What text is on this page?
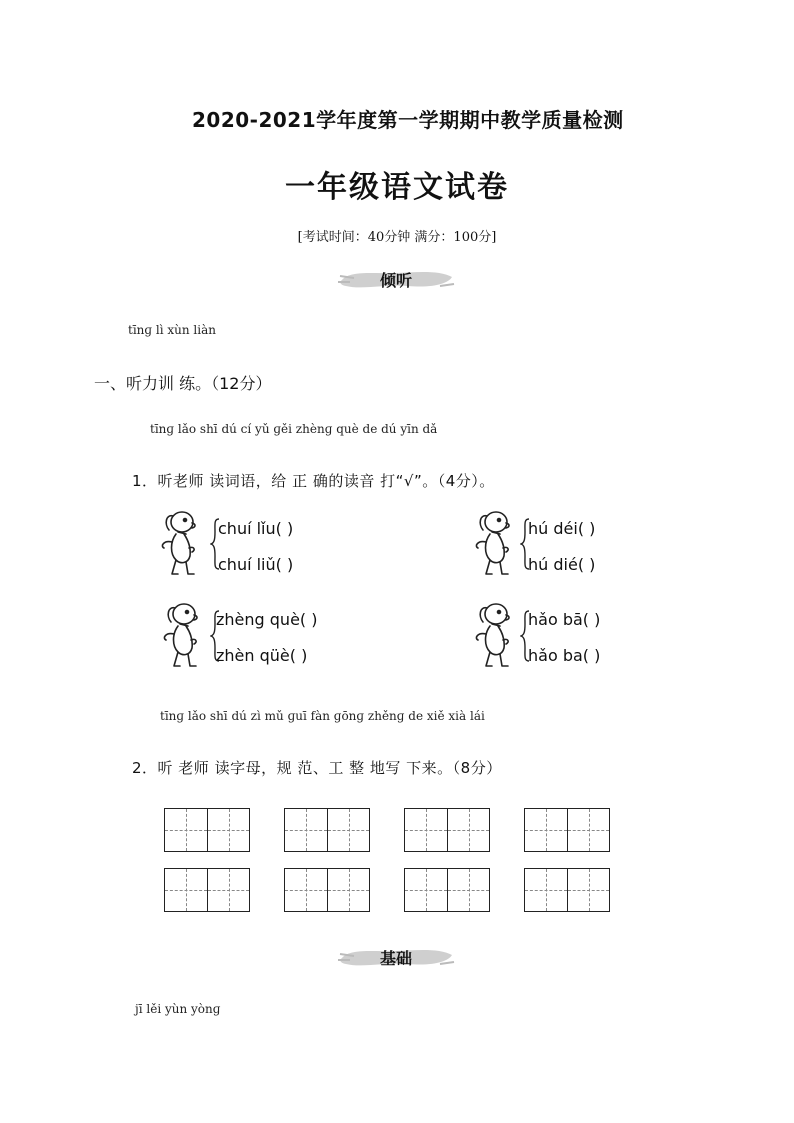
2020-2021学年度第一学期期中教学质量检测
一年级语文试卷
[考试时间：40分钟 满分：100分]
倾听
tīnɡ lì xùn liàn
一、听力训 练。（12分）
tīnɡ lǎo shī dú cí yǔ ɡěi zhènɡ què de dú yīn dǎ
1．听老师 读词语，给 正 确的读音 打“√”。（4分）。
chuí lǐu( )
chuí liǔ( )
hú déi( )
hú dié( )
zhèng què( )
zhèn qüè( )
hǎo bā( )
hǎo ba( )
tīnɡ lǎo shī dú zì mǔ ɡuī fàn ɡōnɡ zhěnɡ de xiě xià lái
2．听 老师 读字母，规 范、工 整 地写 下来。（8分）
基础
jī lěi yùn yònɡ
